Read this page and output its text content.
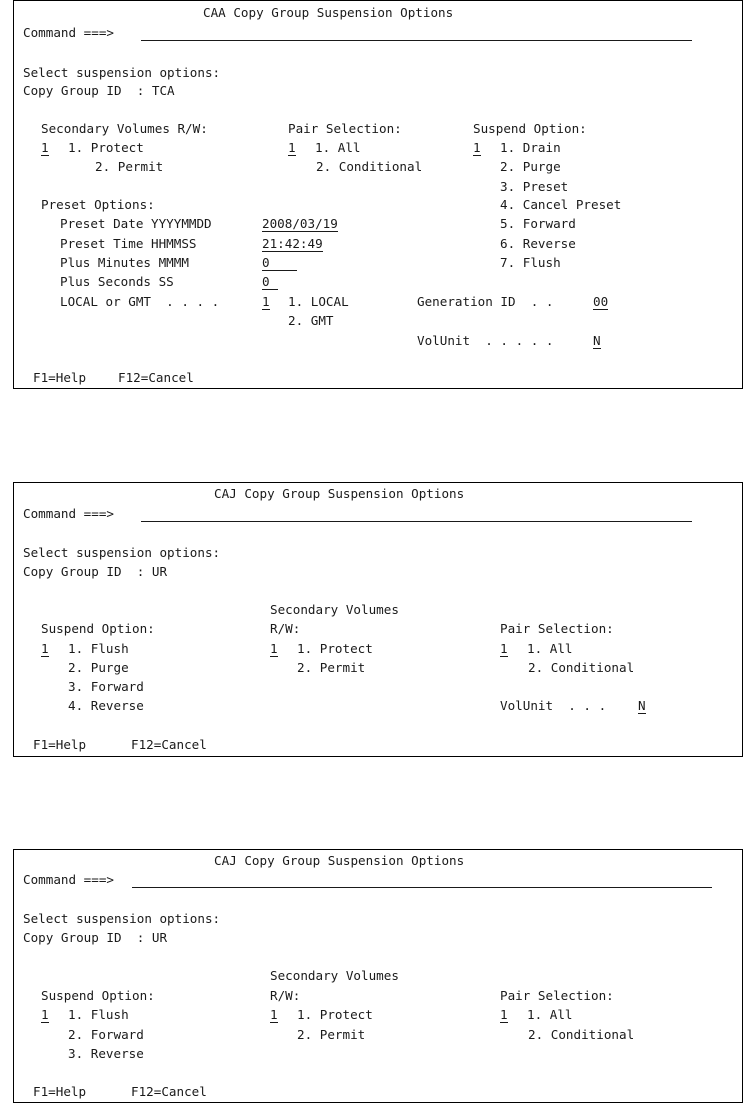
CAA Copy Group Suspension Options
Command ===>
Select suspension options:
Copy Group ID  : TCA
Secondary Volumes R/W:
1 1. Protect
2. Permit
Pair Selection:
1 1. All
2. Conditional
Suspend Option:
1 1. Drain
2. Purge
3. Preset
4. Cancel Preset
5. Forward
6. Reverse
7. Flush
Preset Options:
Preset Date YYYYMMDD	2008/03/19
Preset Time HHMMSS	21:42:49
Plus Minutes MMMM	0
Plus Seconds SS	0
LOCAL or GMT  . . . .	1 1. LOCAL
2. GMT
Generation ID  . .	00
VolUnit  . . . . .	N
F1=Help	F12=Cancel
CAJ Copy Group Suspension Options
Command ===>
Select suspension options:
Copy Group ID  : UR
Secondary Volumes
R/W:
1 1. Protect
2. Permit
Suspend Option:
1 1. Flush
2. Purge
3. Forward
4. Reverse
Pair Selection:
1 1. All
2. Conditional
VolUnit  . . .	N
F1=Help	F12=Cancel
CAJ Copy Group Suspension Options
Command ===>
Select suspension options:
Copy Group ID  : UR
Secondary Volumes
R/W:
1 1. Protect
2. Permit
Suspend Option:
1 1. Flush
2. Forward
3. Reverse
Pair Selection:
1 1. All
2. Conditional
F1=Help	F12=Cancel
